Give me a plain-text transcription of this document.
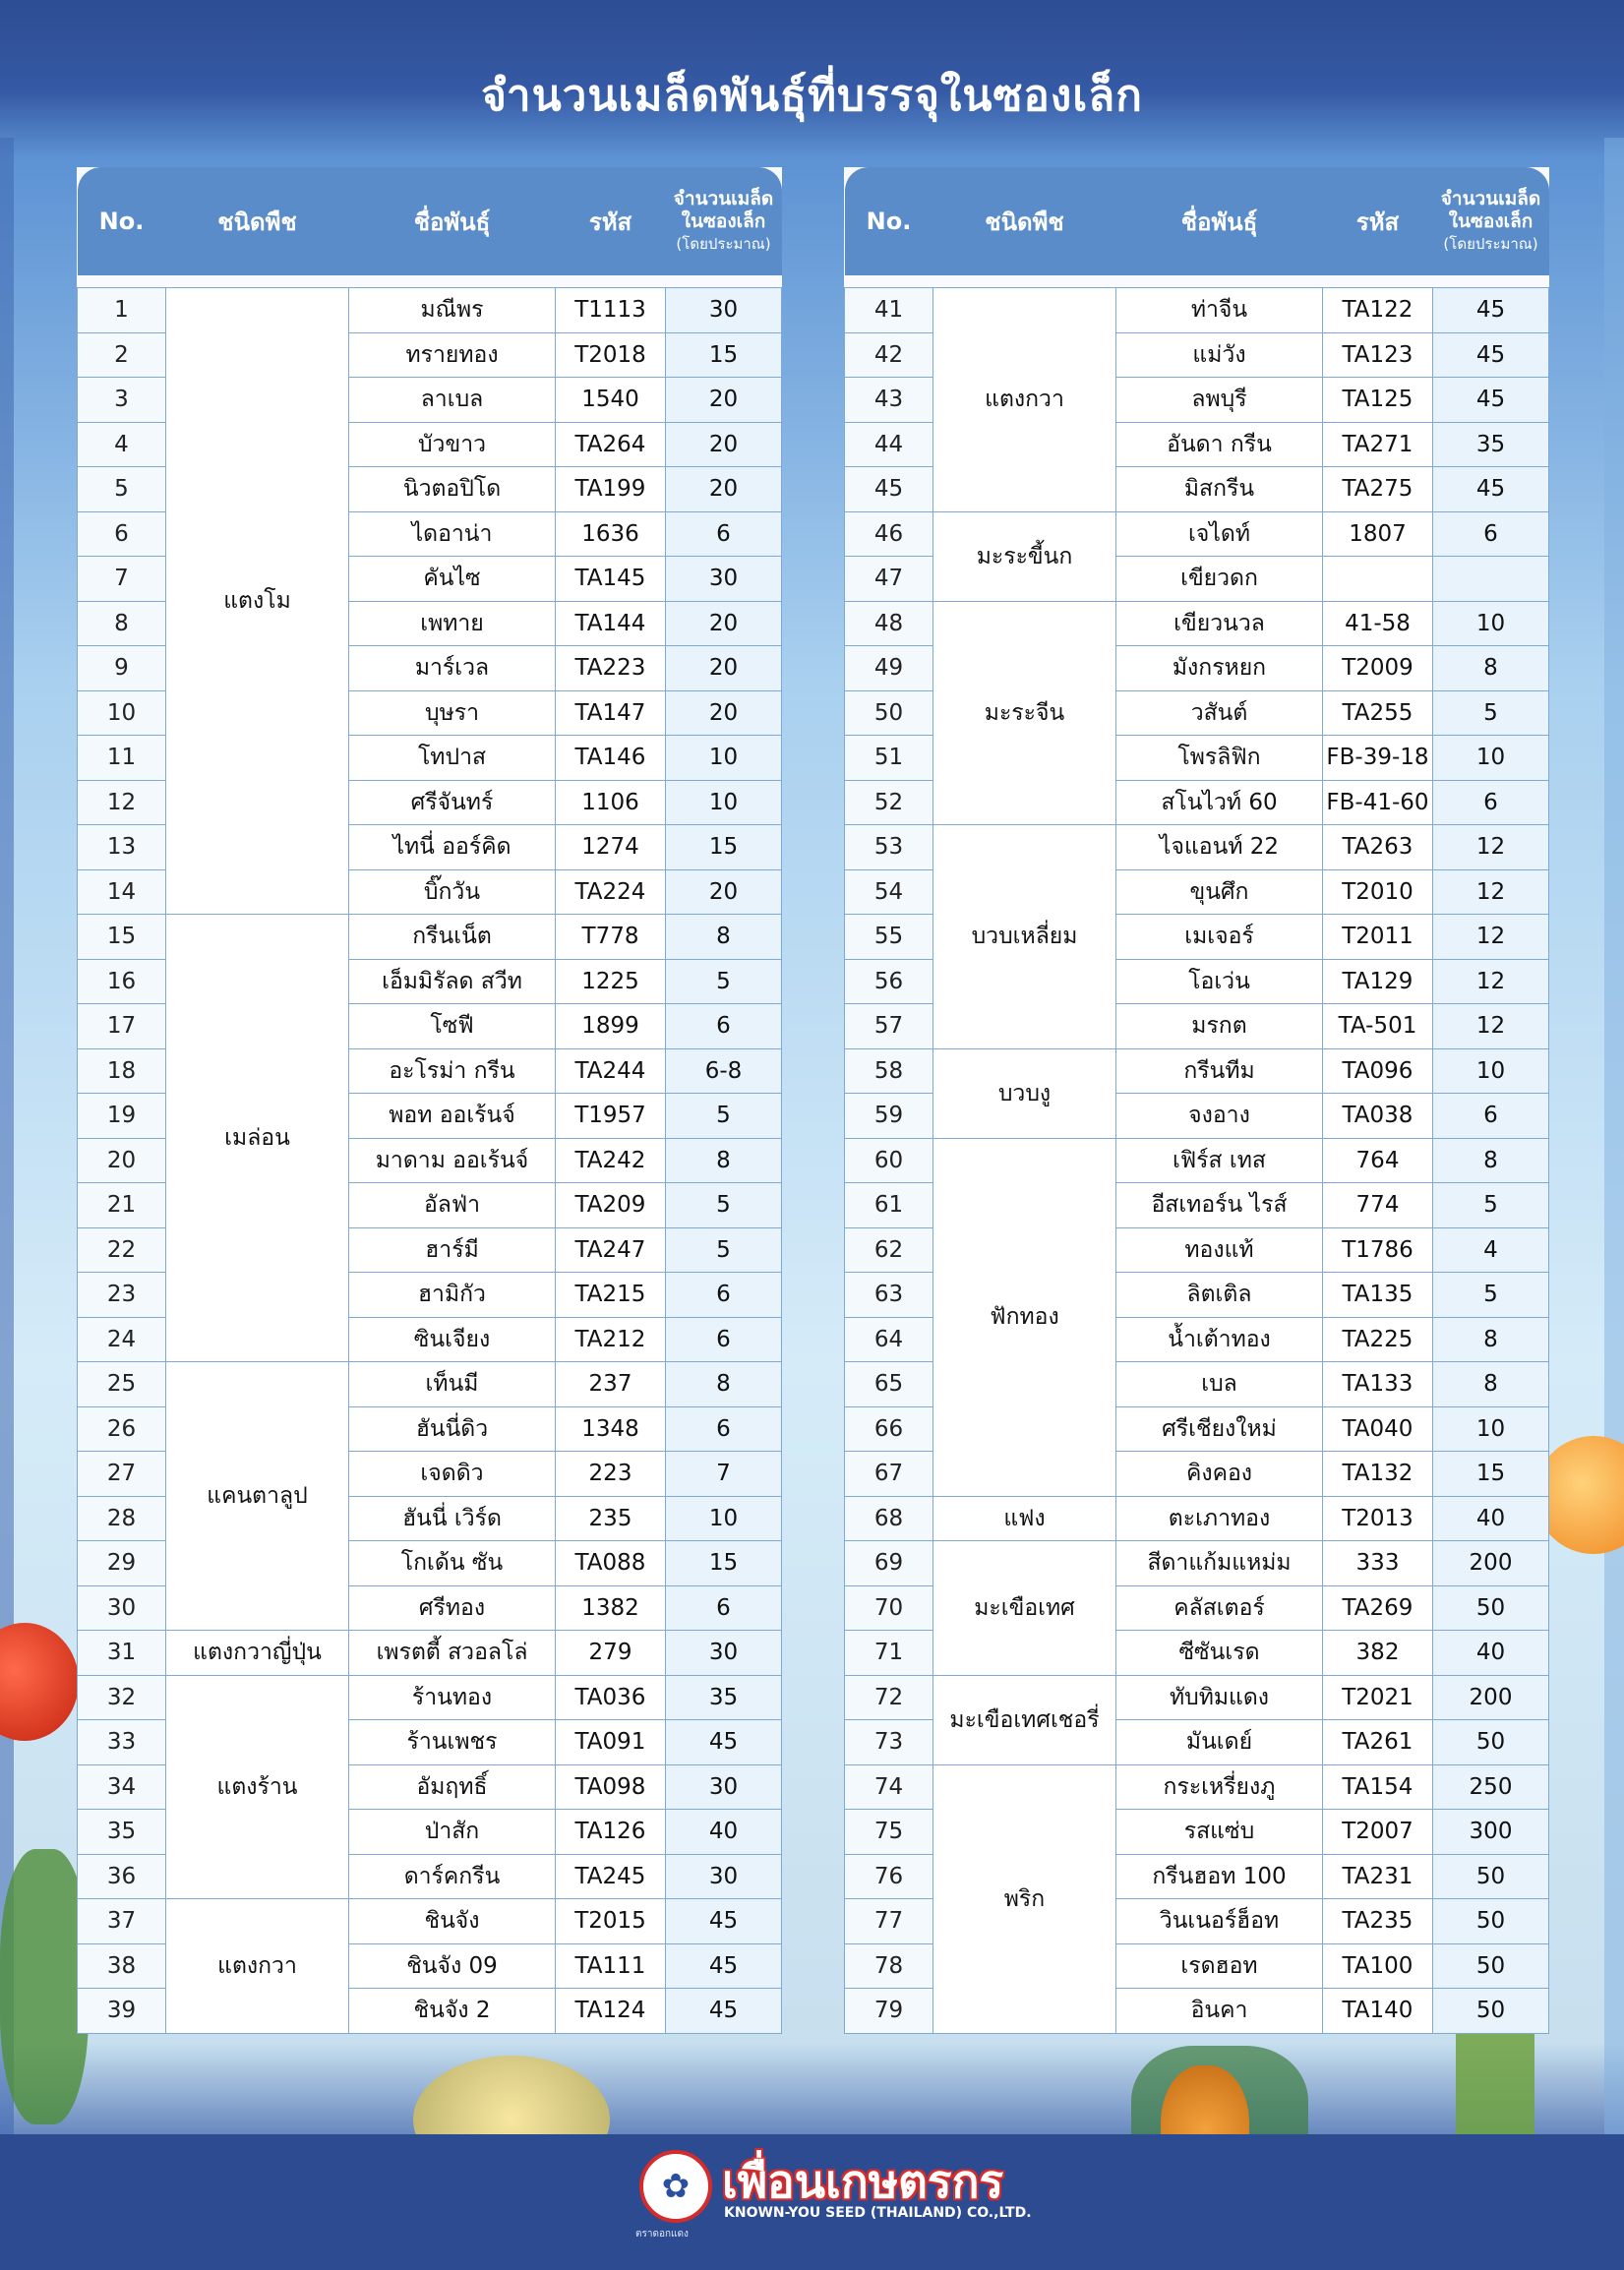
จำนวนเมล็ดพันธุ์ที่บรรจุในซองเล็ก
No.	ชนิดพืช	ชื่อพันธุ์	รหัส	จำนวนเมล็ดในซองเล็ก
(โดยประมาณ)

1	แตงโม	มณีพร	T1113	30
2		ทรายทอง	T2018	15
3		ลาเบล	1540	20
4		บัวขาว	TA264	20
5		นิวตอปิโด	TA199	20
6		ไดอาน่า	1636	6
7		คันไซ	TA145	30
8		เพทาย	TA144	20
9		มาร์เวล	TA223	20
10		บุษรา	TA147	20
11		โทปาส	TA146	10
12		ศรีจันทร์	1106	10
13		ไทนี่ ออร์คิด	1274	15
14		บิ๊กวัน	TA224	20
15	เมล่อน	กรีนเน็ต	T778	8
16		เอ็มมิรัลด สวีท	1225	5
17		โซฟี	1899	6
18		อะโรม่า กรีน	TA244	6-8
19		พอท ออเร้นจ์	T1957	5
20		มาดาม ออเร้นจ์	TA242	8
21		อัลฟ่า	TA209	5
22		ฮาร์มี	TA247	5
23		ฮามิกัว	TA215	6
24		ซินเจียง	TA212	6
25	แคนตาลูป	เท็นมี	237	8
26		ฮันนี่ดิว	1348	6
27		เจดดิว	223	7
28		ฮันนี่ เวิร์ด	235	10
29		โกเด้น ซัน	TA088	15
30		ศรีทอง	1382	6
31	แตงกวาญี่ปุ่น	เพรตตี้ สวอลโล่	279	30
32	แตงร้าน	ร้านทอง	TA036	35
33		ร้านเพชร	TA091	45
34		อัมฤทธิ์	TA098	30
35		ป่าสัก	TA126	40
36		ดาร์คกรีน	TA245	30
37	แตงกวา	ชินจัง	T2015	45
38		ชินจัง 09	TA111	45
39		ชินจัง 2	TA124	45
No.	ชนิดพืช	ชื่อพันธุ์	รหัส	จำนวนเมล็ดในซองเล็ก
(โดยประมาณ)

41	แตงกวา	ท่าจีน	TA122	45
42		แม่วัง	TA123	45
43		ลพบุรี	TA125	45
44		อันดา กรีน	TA271	35
45		มิสกรีน	TA275	45
46	มะระขี้นก	เจไดท์	1807	6
47		เขียวดก		
48	มะระจีน	เขียวนวล	41-58	10
49		มังกรหยก	T2009	8
50		วสันต์	TA255	5
51		โพรลิฟิก	FB-39-18	10
52		สโนไวท์ 60	FB-41-60	6
53	บวบเหลี่ยม	ไจแอนท์ 22	TA263	12
54		ขุนศึก	T2010	12
55		เมเจอร์	T2011	12
56		โอเว่น	TA129	12
57		มรกต	TA-501	12
58	บวบงู	กรีนทีม	TA096	10
59		จงอาง	TA038	6
60	ฟักทอง	เฟิร์ส เทส	764	8
61		อีสเทอร์น ไรส์	774	5
62		ทองแท้	T1786	4
63		ลิตเติล	TA135	5
64		น้ำเต้าทอง	TA225	8
65		เบล	TA133	8
66		ศรีเชียงใหม่	TA040	10
67		คิงคอง	TA132	15
68	แฟง	ตะเภาทอง	T2013	40
69	มะเขือเทศ	สีดาแก้มแหม่ม	333	200
70		คลัสเตอร์	TA269	50
71		ซีซันเรด	382	40
72	มะเขือเทศเชอรี่	ทับทิมแดง	T2021	200
73		มันเดย์	TA261	50
74	พริก	กระเหรี่ยงภู	TA154	250
75		รสแซ่บ	T2007	300
76		กรีนฮอท 100	TA231	50
77		วินเนอร์ฮ็อท	TA235	50
78		เรดฮอท	TA100	50
79		อินคา	TA140	50
✿ เพื่อนเกษตรกร
KNOWN-YOU SEED (THAILAND) CO.,LTD.
ตราดอกแดง
